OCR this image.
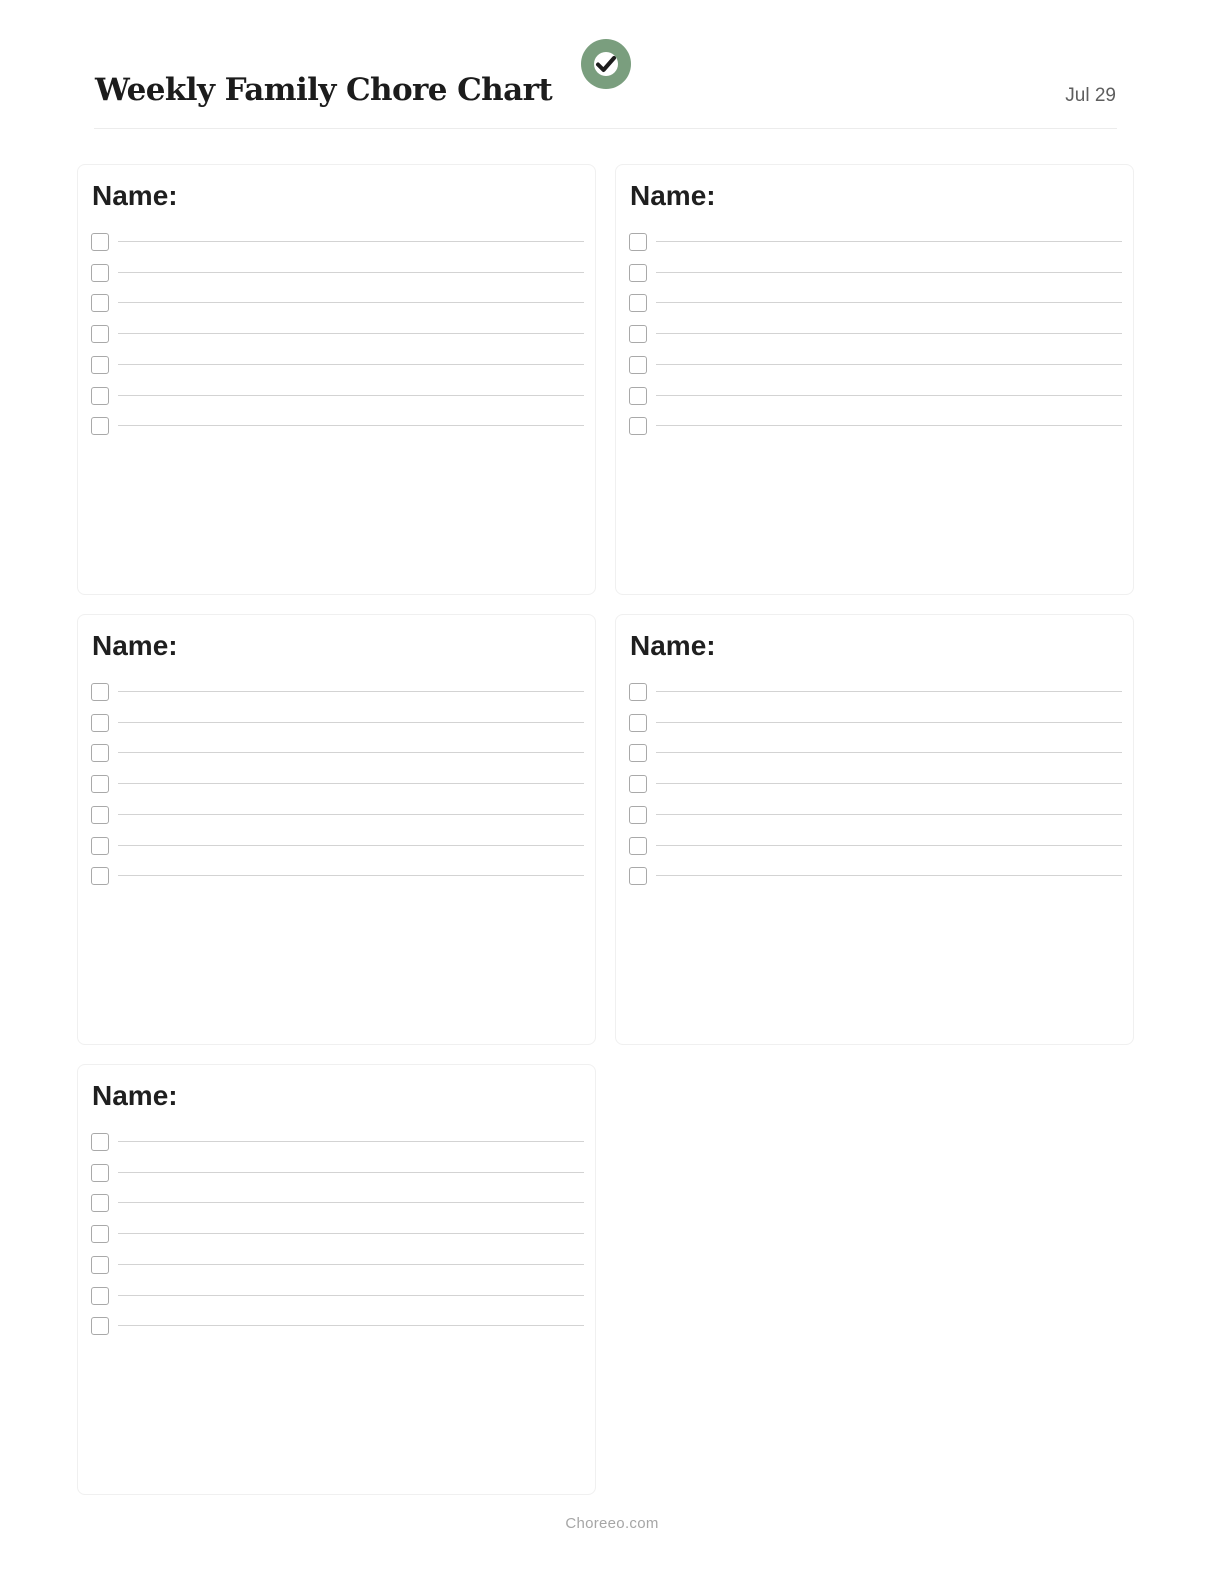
Weekly Family Chore Chart	Jul 29
Name:	Name:
Name:	Name:
Name:
Choreeo.com
